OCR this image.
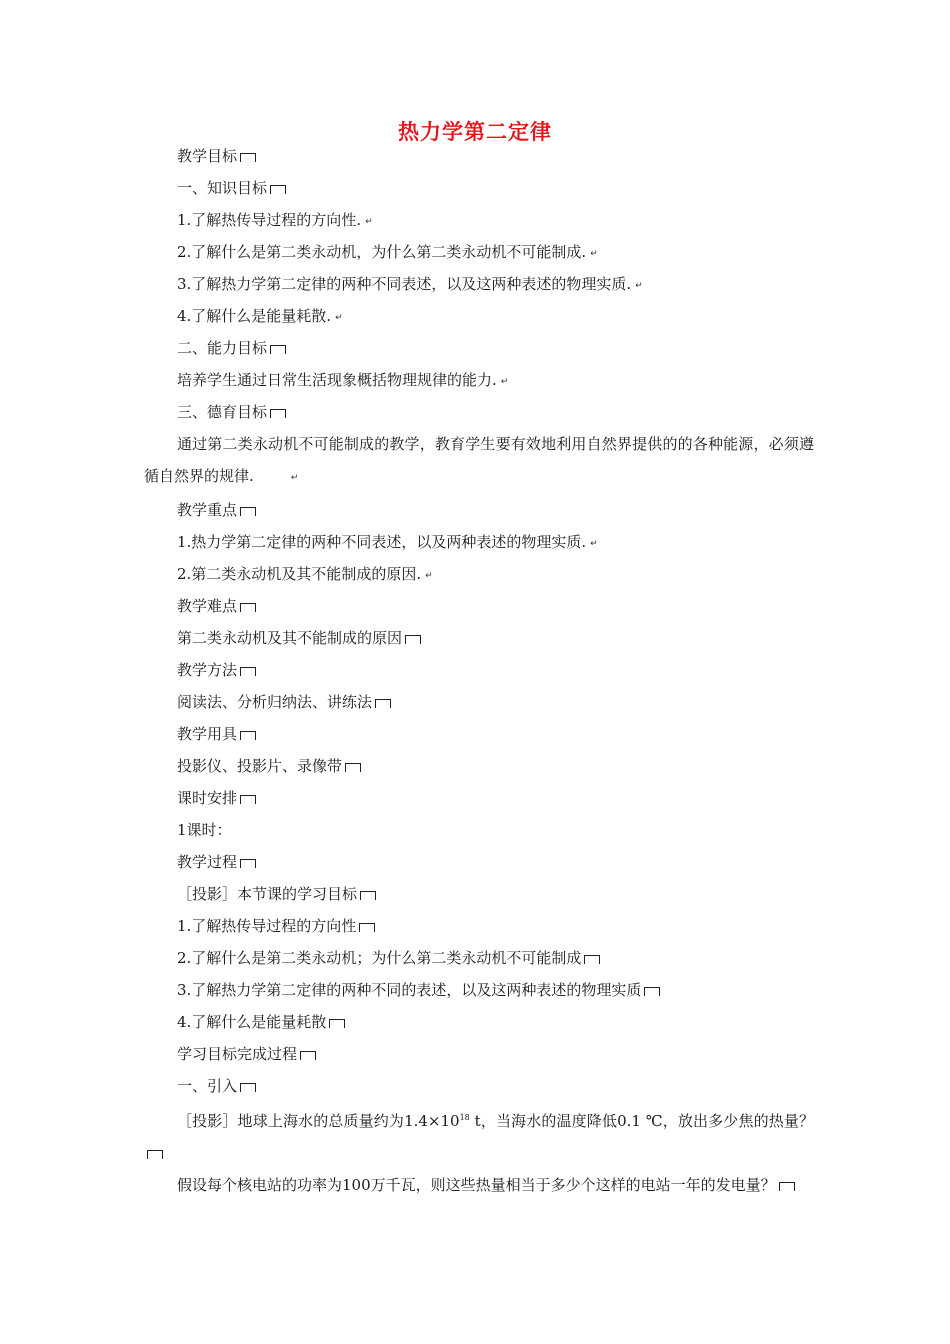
热力学第二定律
教学目标
一、知识目标
1.了解热传导过程的方向性. ↵
2.了解什么是第二类永动机，为什么第二类永动机不可能制成. ↵
3.了解热力学第二定律的两种不同表述，以及这两种表述的物理实质. ↵
4.了解什么是能量耗散. ↵
二、能力目标
培养学生通过日常生活现象概括物理规律的能力. ↵
三、德育目标
通过第二类永动机不可能制成的教学，教育学生要有效地利用自然界提供的的各种能源，必须遵循自然界的规律.	↵
教学重点
1.热力学第二定律的两种不同表述，以及两种表述的物理实质. ↵
2.第二类永动机及其不能制成的原因. ↵
教学难点
第二类永动机及其不能制成的原因
教学方法
阅读法、分析归纳法、讲练法
教学用具
投影仪、投影片、录像带
课时安排
1课时：
教学过程
［投影］本节课的学习目标
1.了解热传导过程的方向性
2.了解什么是第二类永动机；为什么第二类永动机不可能制成
3.了解热力学第二定律的两种不同的表述，以及这两种表述的物理实质
4.了解什么是能量耗散
学习目标完成过程
一、引入
［投影］地球上海水的总质量约为$1.4\times 10^{18}$ t，当海水的温度降低0.1 ℃，放出多少焦的热量？
假设每个核电站的功率为100万千瓦，则这些热量相当于多少个这样的电站一年的发电量？
